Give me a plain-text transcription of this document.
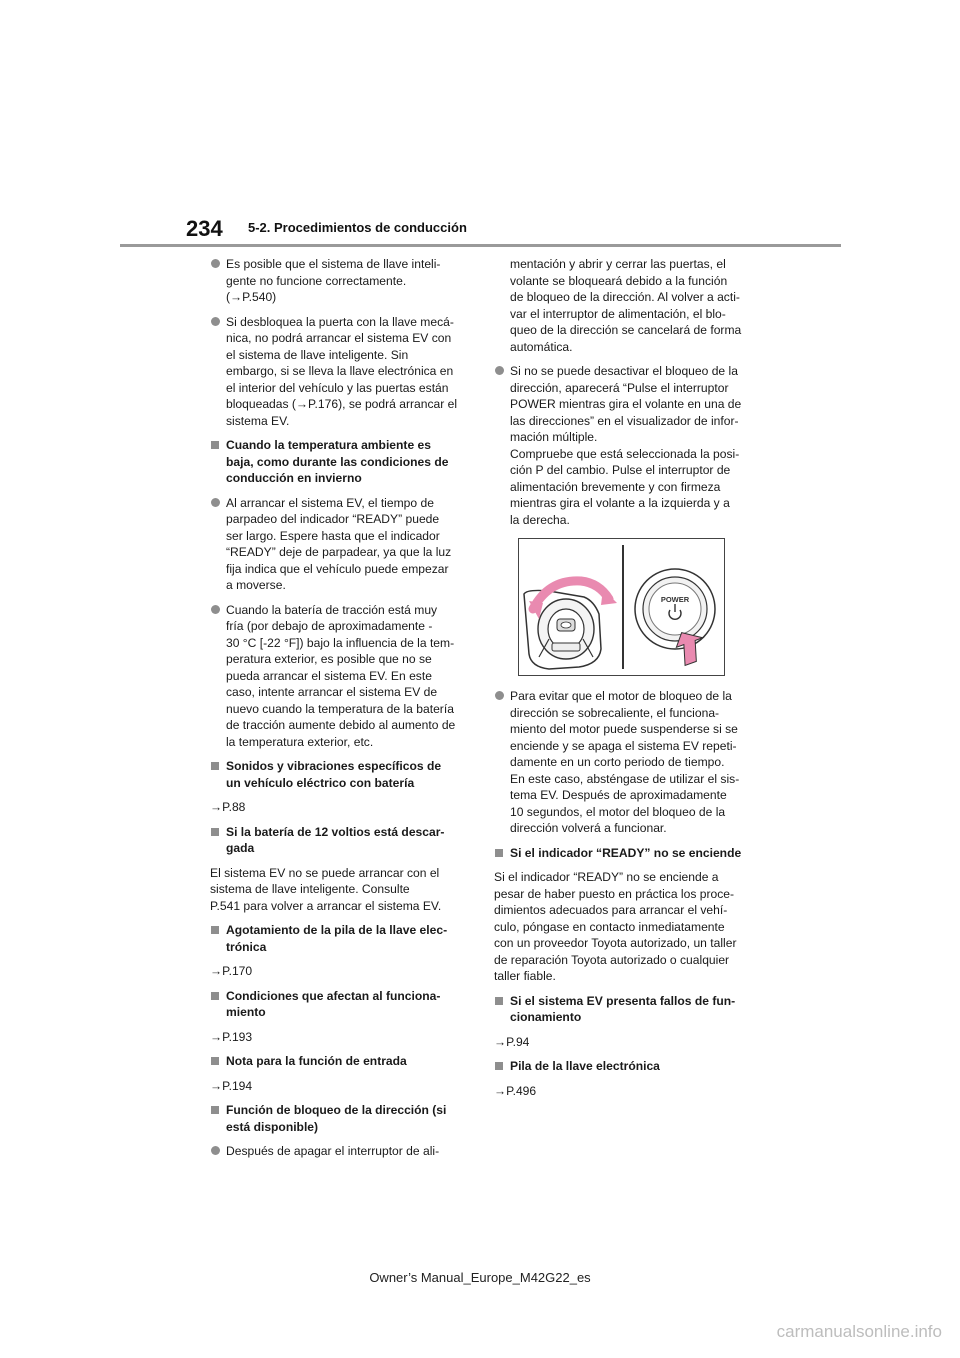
234 5-2. Procedimientos de conducción
Es posible que el sistema de llave inteli-
gente no funcione correctamente.
(→P.540)
Si desbloquea la puerta con la llave mecá-
nica, no podrá arrancar el sistema EV con
el sistema de llave inteligente. Sin
embargo, si se lleva la llave electrónica en
el interior del vehículo y las puertas están
bloqueadas (→P.176), se podrá arrancar el
sistema EV.
Cuando la temperatura ambiente es
baja, como durante las condiciones de
conducción en invierno
Al arrancar el sistema EV, el tiempo de
parpadeo del indicador “READY” puede
ser largo. Espere hasta que el indicador
“READY” deje de parpadear, ya que la luz
fija indica que el vehículo puede empezar
a moverse.
Cuando la batería de tracción está muy
fría (por debajo de aproximadamente -
30 °C [-22 °F]) bajo la influencia de la tem-
peratura exterior, es posible que no se
pueda arrancar el sistema EV. En este
caso, intente arrancar el sistema EV de
nuevo cuando la temperatura de la batería
de tracción aumente debido al aumento de
la temperatura exterior, etc.
Sonidos y vibraciones específicos de
un vehículo eléctrico con batería
→P.88
Si la batería de 12 voltios está descar-
gada
El sistema EV no se puede arrancar con el
sistema de llave inteligente. Consulte
P.541 para volver a arrancar el sistema EV.
Agotamiento de la pila de la llave elec-
trónica
→P.170
Condiciones que afectan al funciona-
miento
→P.193
Nota para la función de entrada
→P.194
Función de bloqueo de la dirección (si
está disponible)
Después de apagar el interruptor de ali-
mentación y abrir y cerrar las puertas, el
volante se bloqueará debido a la función
de bloqueo de la dirección. Al volver a acti-
var el interruptor de alimentación, el blo-
queo de la dirección se cancelará de forma
automática.
Si no se puede desactivar el bloqueo de la
dirección, aparecerá “Pulse el interruptor
POWER mientras gira el volante en una de
las direcciones” en el visualizador de infor-
mación múltiple.
Compruebe que está seleccionada la posi-
ción P del cambio. Pulse el interruptor de
alimentación brevemente y con firmeza
mientras gira el volante a la izquierda y a
la derecha.
POWER
Para evitar que el motor de bloqueo de la
dirección se sobrecaliente, el funciona-
miento del motor puede suspenderse si se
enciende y se apaga el sistema EV repeti-
damente en un corto periodo de tiempo.
En este caso, absténgase de utilizar el sis-
tema EV. Después de aproximadamente
10 segundos, el motor del bloqueo de la
dirección volverá a funcionar.
Si el indicador “READY” no se enciende
Si el indicador “READY” no se enciende a
pesar de haber puesto en práctica los proce-
dimientos adecuados para arrancar el vehí-
culo, póngase en contacto inmediatamente
con un proveedor Toyota autorizado, un taller
de reparación Toyota autorizado o cualquier
taller fiable.
Si el sistema EV presenta fallos de fun-
cionamiento
→P.94
Pila de la llave electrónica
→P.496
Owner’s Manual_Europe_M42G22_es
carmanualsonline.info
